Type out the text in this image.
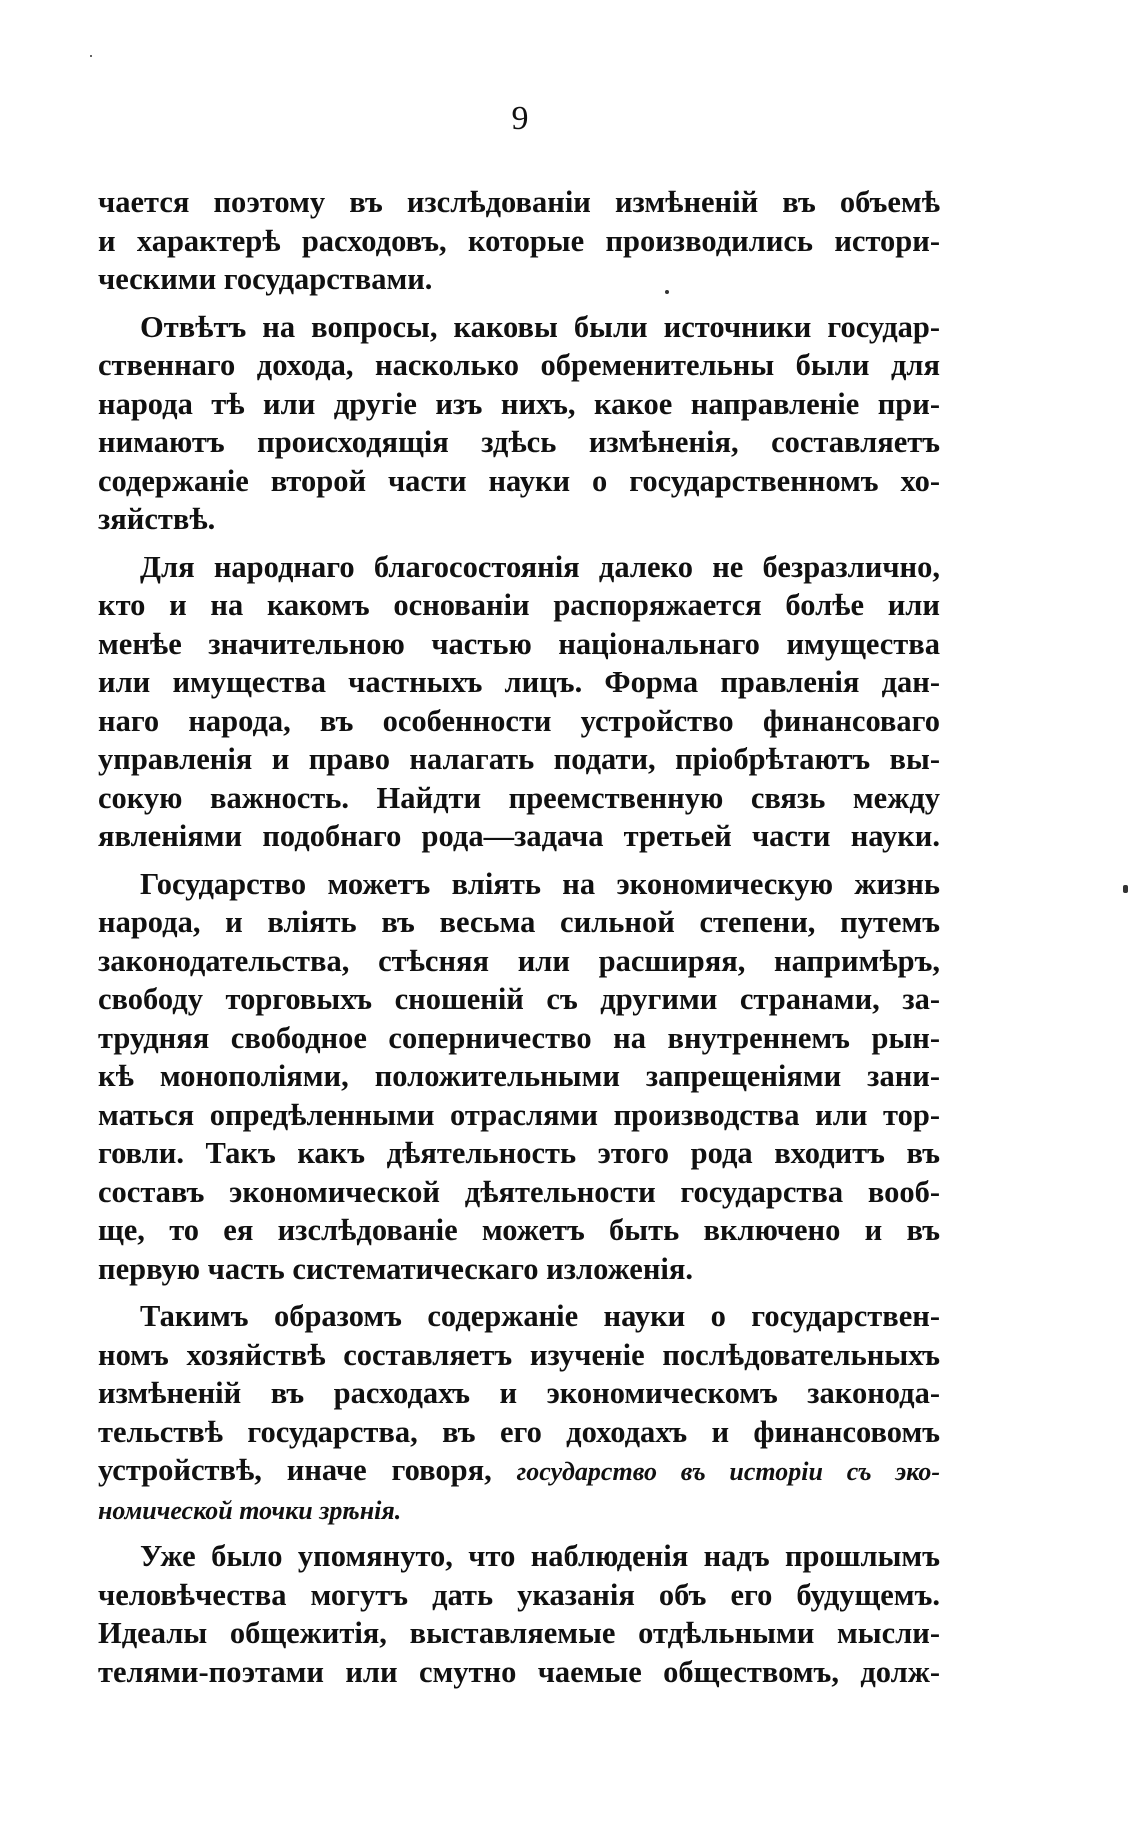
9
чается поэтому въ изслѣдованіи измѣненій въ объемѣ
и характерѣ расходовъ, которые производились истори-
ческими государствами.
Отвѣтъ на вопросы, каковы были источники государ-
ственнаго дохода, насколько обременительны были для
народа тѣ или другіе изъ нихъ, какое направленіе при-
нимаютъ происходящія здѣсь измѣненія, составляетъ
содержаніе второй части науки о государственномъ хо-
зяйствѣ.
Для народнаго благосостоянія далеко не безразлично,
кто и на какомъ основаніи распоряжается болѣе или
менѣе значительною частью національнаго имущества
или имущества частныхъ лицъ. Форма правленія дан-
наго народа, въ особенности устройство финансоваго
управленія и право налагать подати, пріобрѣтаютъ вы-
сокую важность. Найдти преемственную связь между
явленіями подобнаго рода—задача третьей части науки.
Государство можетъ вліять на экономическую жизнь
народа, и вліять въ весьма сильной степени, путемъ
законодательства, стѣсняя или расширяя, напримѣръ,
свободу торговыхъ сношеній съ другими странами, за-
трудняя свободное соперничество на внутреннемъ рын-
кѣ монополіями, положительными запрещеніями зани-
маться опредѣленными отраслями производства или тор-
говли. Такъ какъ дѣятельность этого рода входитъ въ
составъ экономической дѣятельности государства вооб-
ще, то ея изслѣдованіе можетъ быть включено и въ
первую часть систематическаго изложенія.
Такимъ образомъ содержаніе науки о государствен-
номъ хозяйствѣ составляетъ изученіе послѣдовательныхъ
измѣненій въ расходахъ и экономическомъ законода-
тельствѣ государства, въ его доходахъ и финансовомъ
устройствѣ, иначе говоря, государство въ исторіи съ эко-
номической точки зрѣнія.
Уже было упомянуто, что наблюденія надъ прошлымъ
человѣчества могутъ дать указанія объ его будущемъ.
Идеалы общежитія, выставляемые отдѣльными мысли-
телями-поэтами или смутно чаемые обществомъ, долж-
